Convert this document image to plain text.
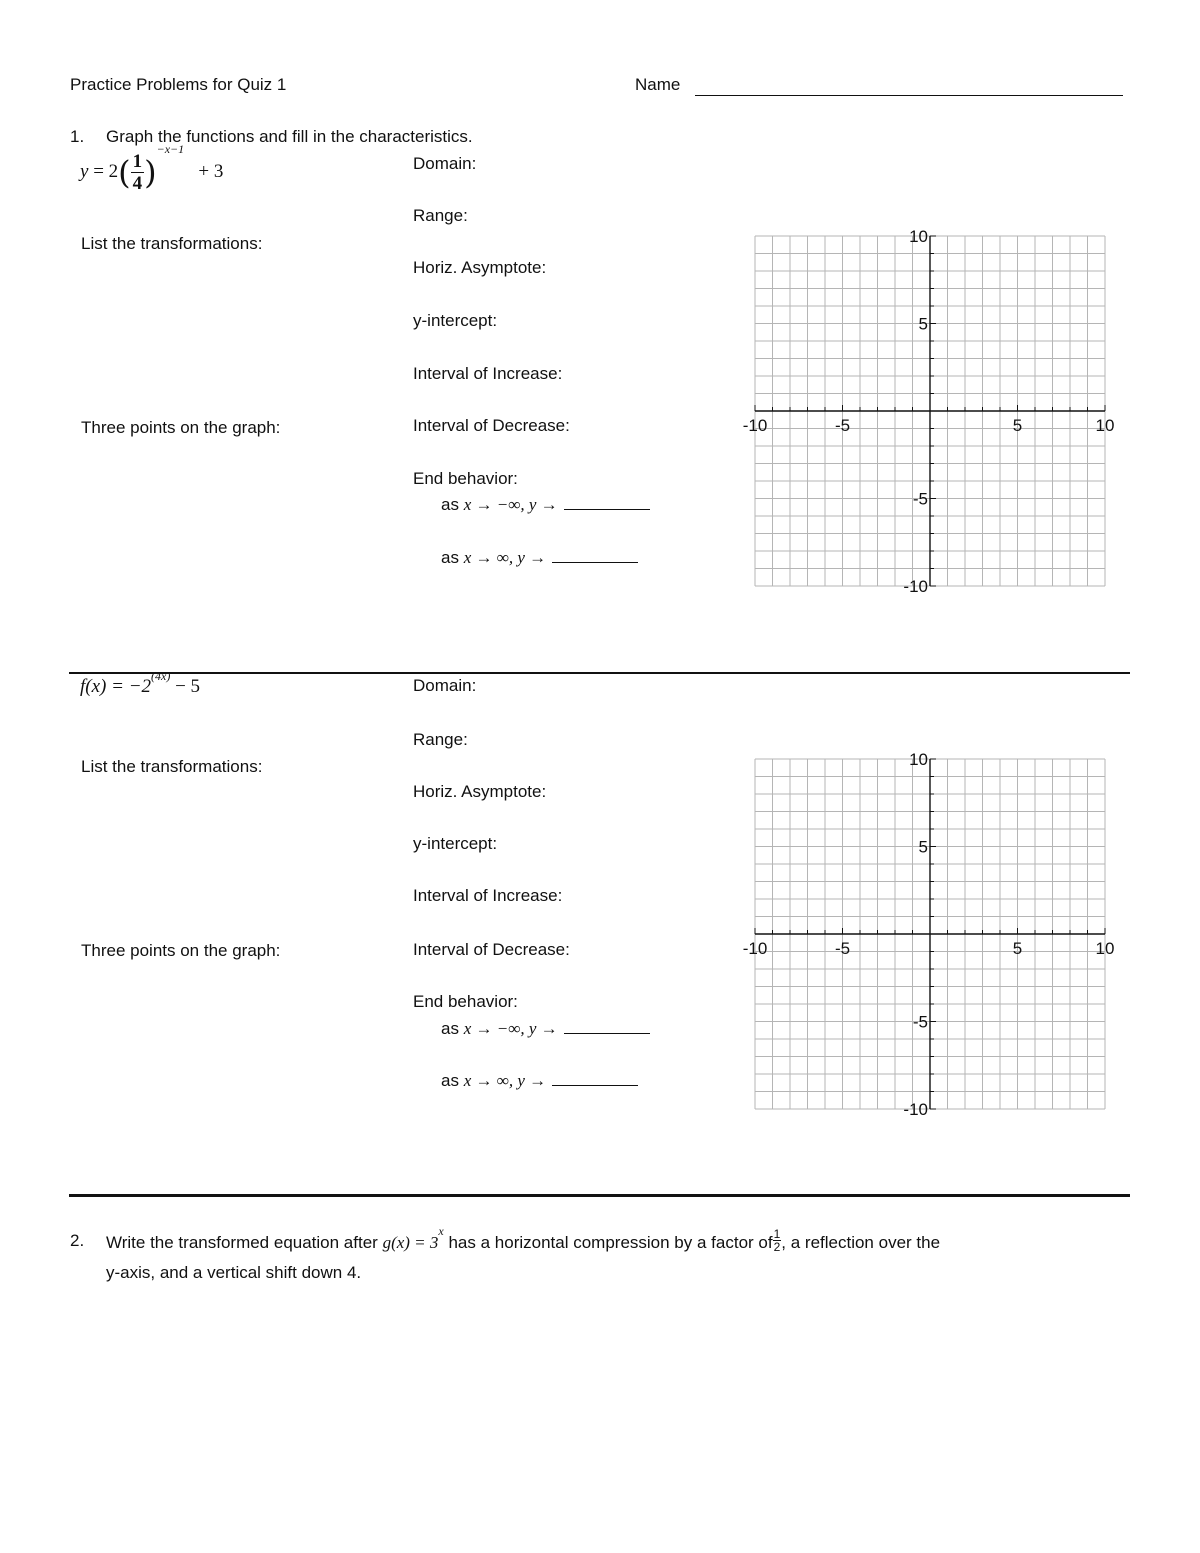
Practice Problems for Quiz 1	Name
1. Graph the functions and fill in the characteristics.
$y = 2( \frac{1}{4} )^{-x-1} + 3$
List the transformations:
Three points on the graph:
Domain:
Range:
Horiz. Asymptote:
y-intercept:
Interval of Increase:
Interval of Decrease:
End behavior:
as x → −∞, y →
as x → ∞, y →
-10	-5	5	10
10
5
-5
-10
$f(x) = -2^{(4x)} - 5$
List the transformations:
Three points on the graph:
Domain:
Range:
Horiz. Asymptote:
y-intercept:
Interval of Increase:
Interval of Decrease:
End behavior:
as x → −∞, y →
as x → ∞, y →
-10	-5	5	10
10
5
-5
-10
2. Write the transformed equation after $g(x) = 3^x$ has a horizontal compression by a factor of $\frac{1}{2}$ , a reflection over the
y-axis, and a vertical shift down 4.
